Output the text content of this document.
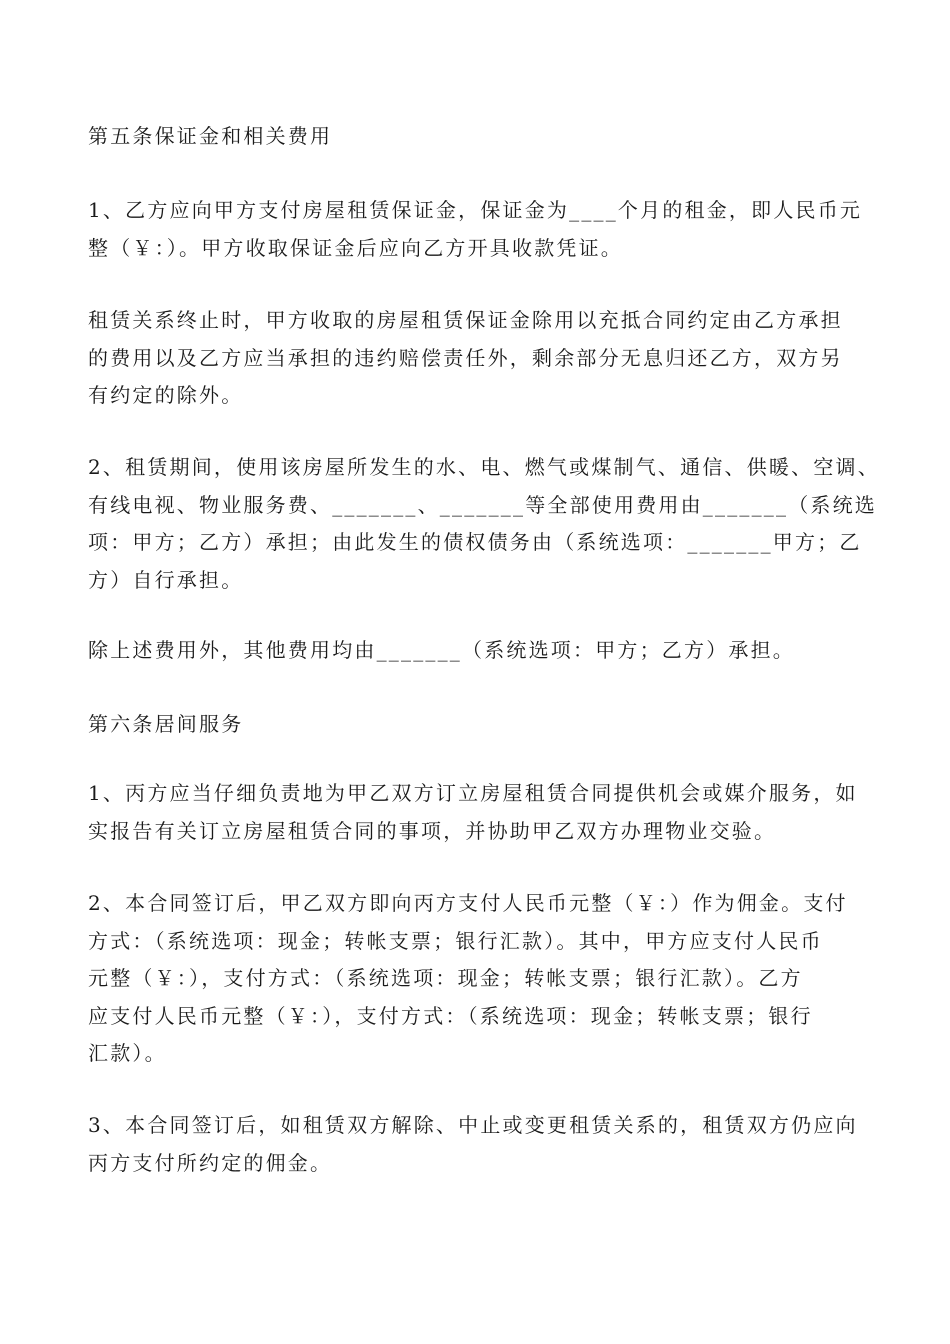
第五条保证金和相关费用

1、乙方应向甲方支付房屋租赁保证金，保证金为____个月的租金，即人民币元
整（￥：）。甲方收取保证金后应向乙方开具收款凭证。

租赁关系终止时，甲方收取的房屋租赁保证金除用以充抵合同约定由乙方承担
的费用以及乙方应当承担的违约赔偿责任外，剩余部分无息归还乙方，双方另
有约定的除外。

2、租赁期间，使用该房屋所发生的水、电、燃气或煤制气、通信、供暖、空调、
有线电视、物业服务费、_______、_______等全部使用费用由_______（系统选
项：甲方；乙方）承担；由此发生的债权债务由（系统选项：_______甲方；乙
方）自行承担。

除上述费用外，其他费用均由_______（系统选项：甲方；乙方）承担。

第六条居间服务

1、丙方应当仔细负责地为甲乙双方订立房屋租赁合同提供机会或媒介服务，如
实报告有关订立房屋租赁合同的事项，并协助甲乙双方办理物业交验。

2、本合同签订后，甲乙双方即向丙方支付人民币元整（￥：）作为佣金。支付
方式：（系统选项：现金；转帐支票；银行汇款）。其中，甲方应支付人民币
元整（￥：），支付方式：（系统选项：现金；转帐支票；银行汇款）。乙方
应支付人民币元整（￥：），支付方式：（系统选项：现金；转帐支票；银行
汇款）。

3、本合同签订后，如租赁双方解除、中止或变更租赁关系的，租赁双方仍应向
丙方支付所约定的佣金。
